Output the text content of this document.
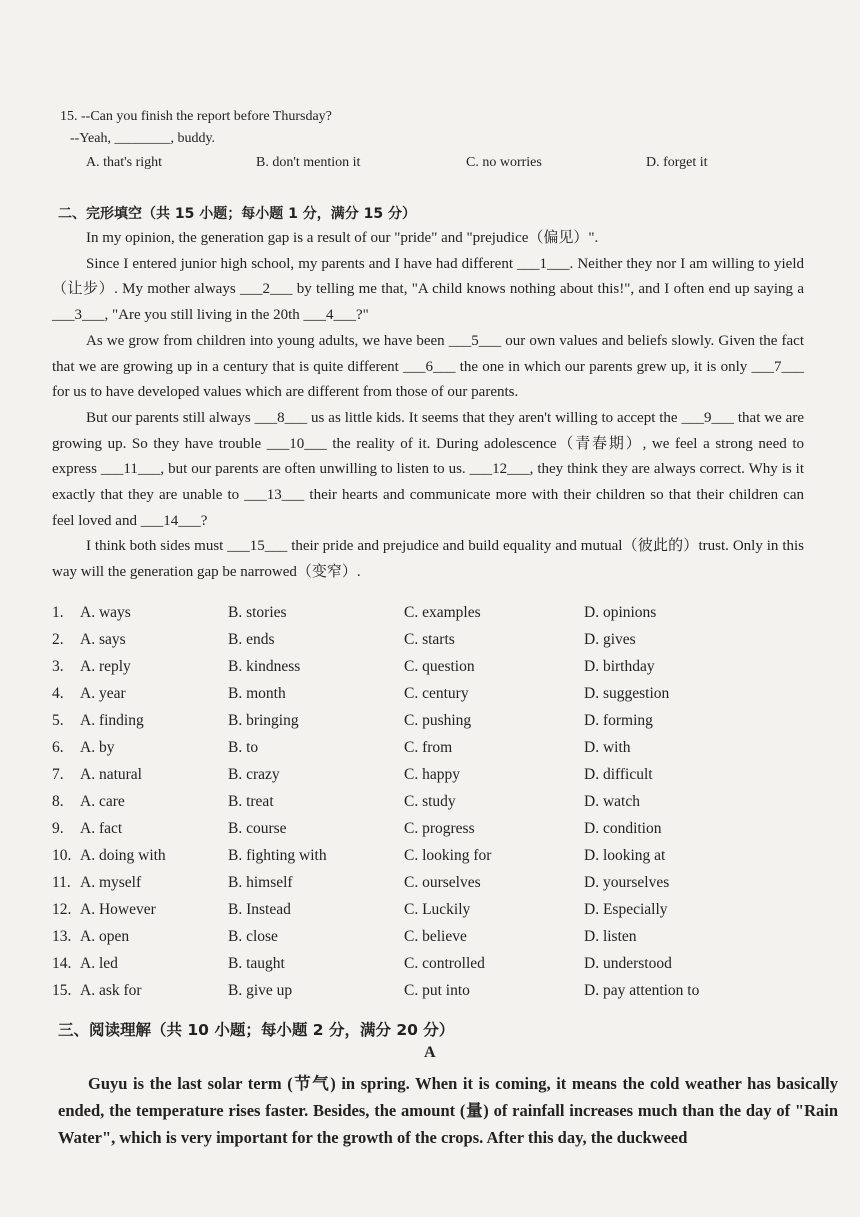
15. --Can you finish the report before Thursday?
--Yeah, ________, buddy.
A. that's right	B. don't mention it	C. no worries	D. forget it
二、完形填空（共 15 小题；每小题 1 分，满分 15 分）

In my opinion, the generation gap is a result of our "pride" and "prejudice（偏见）".

Since I entered junior high school, my parents and I have had different ___1___. Neither they nor I am willing to yield（让步）. My mother always ___2___ by telling me that, "A child knows nothing about this!", and I often end up saying a ___3___, "Are you still living in the 20th ___4___?"

As we grow from children into young adults, we have been ___5___ our own values and beliefs slowly. Given the fact that we are growing up in a century that is quite different ___6___ the one in which our parents grew up, it is only ___7___ for us to have developed values which are different from those of our parents.

But our parents still always ___8___ us as little kids. It seems that they aren't willing to accept the ___9___ that we are growing up. So they have trouble ___10___ the reality of it. During adolescence（青春期）, we feel a strong need to express ___11___, but our parents are often unwilling to listen to us. ___12___, they think they are always correct. Why is it exactly that they are unable to ___13___ their hearts and communicate more with their children so that their children can feel loved and ___14___?

I think both sides must ___15___ their pride and prejudice and build equality and mutual（彼此的）trust. Only in this way will the generation gap be narrowed（变窄）.

1. A. ways	B. stories	C. examples	D. opinions
2. A. says	B. ends	C. starts	D. gives
3. A. reply	B. kindness	C. question	D. birthday
4. A. year	B. month	C. century	D. suggestion
5. A. finding	B. bringing	C. pushing	D. forming
6. A. by	B. to	C. from	D. with
7. A. natural	B. crazy	C. happy	D. difficult
8. A. care	B. treat	C. study	D. watch
9. A. fact	B. course	C. progress	D. condition
10. A. doing with	B. fighting with	C. looking for	D. looking at
11. A. myself	B. himself	C. ourselves	D. yourselves
12. A. However	B. Instead	C. Luckily	D. Especially
13. A. open	B. close	C. believe	D. listen
14. A. led	B. taught	C. controlled	D. understood
15. A. ask for	B. give up	C. put into	D. pay attention to
三、阅读理解（共 10 小题；每小题 2 分，满分 20 分）
A

Guyu is the last solar term (节气) in spring. When it is coming, it means the cold weather has basically ended, the temperature rises faster. Besides, the amount (量) of rainfall increases much than the day of "Rain Water", which is very important for the growth of the crops. After this day, the duckweed
